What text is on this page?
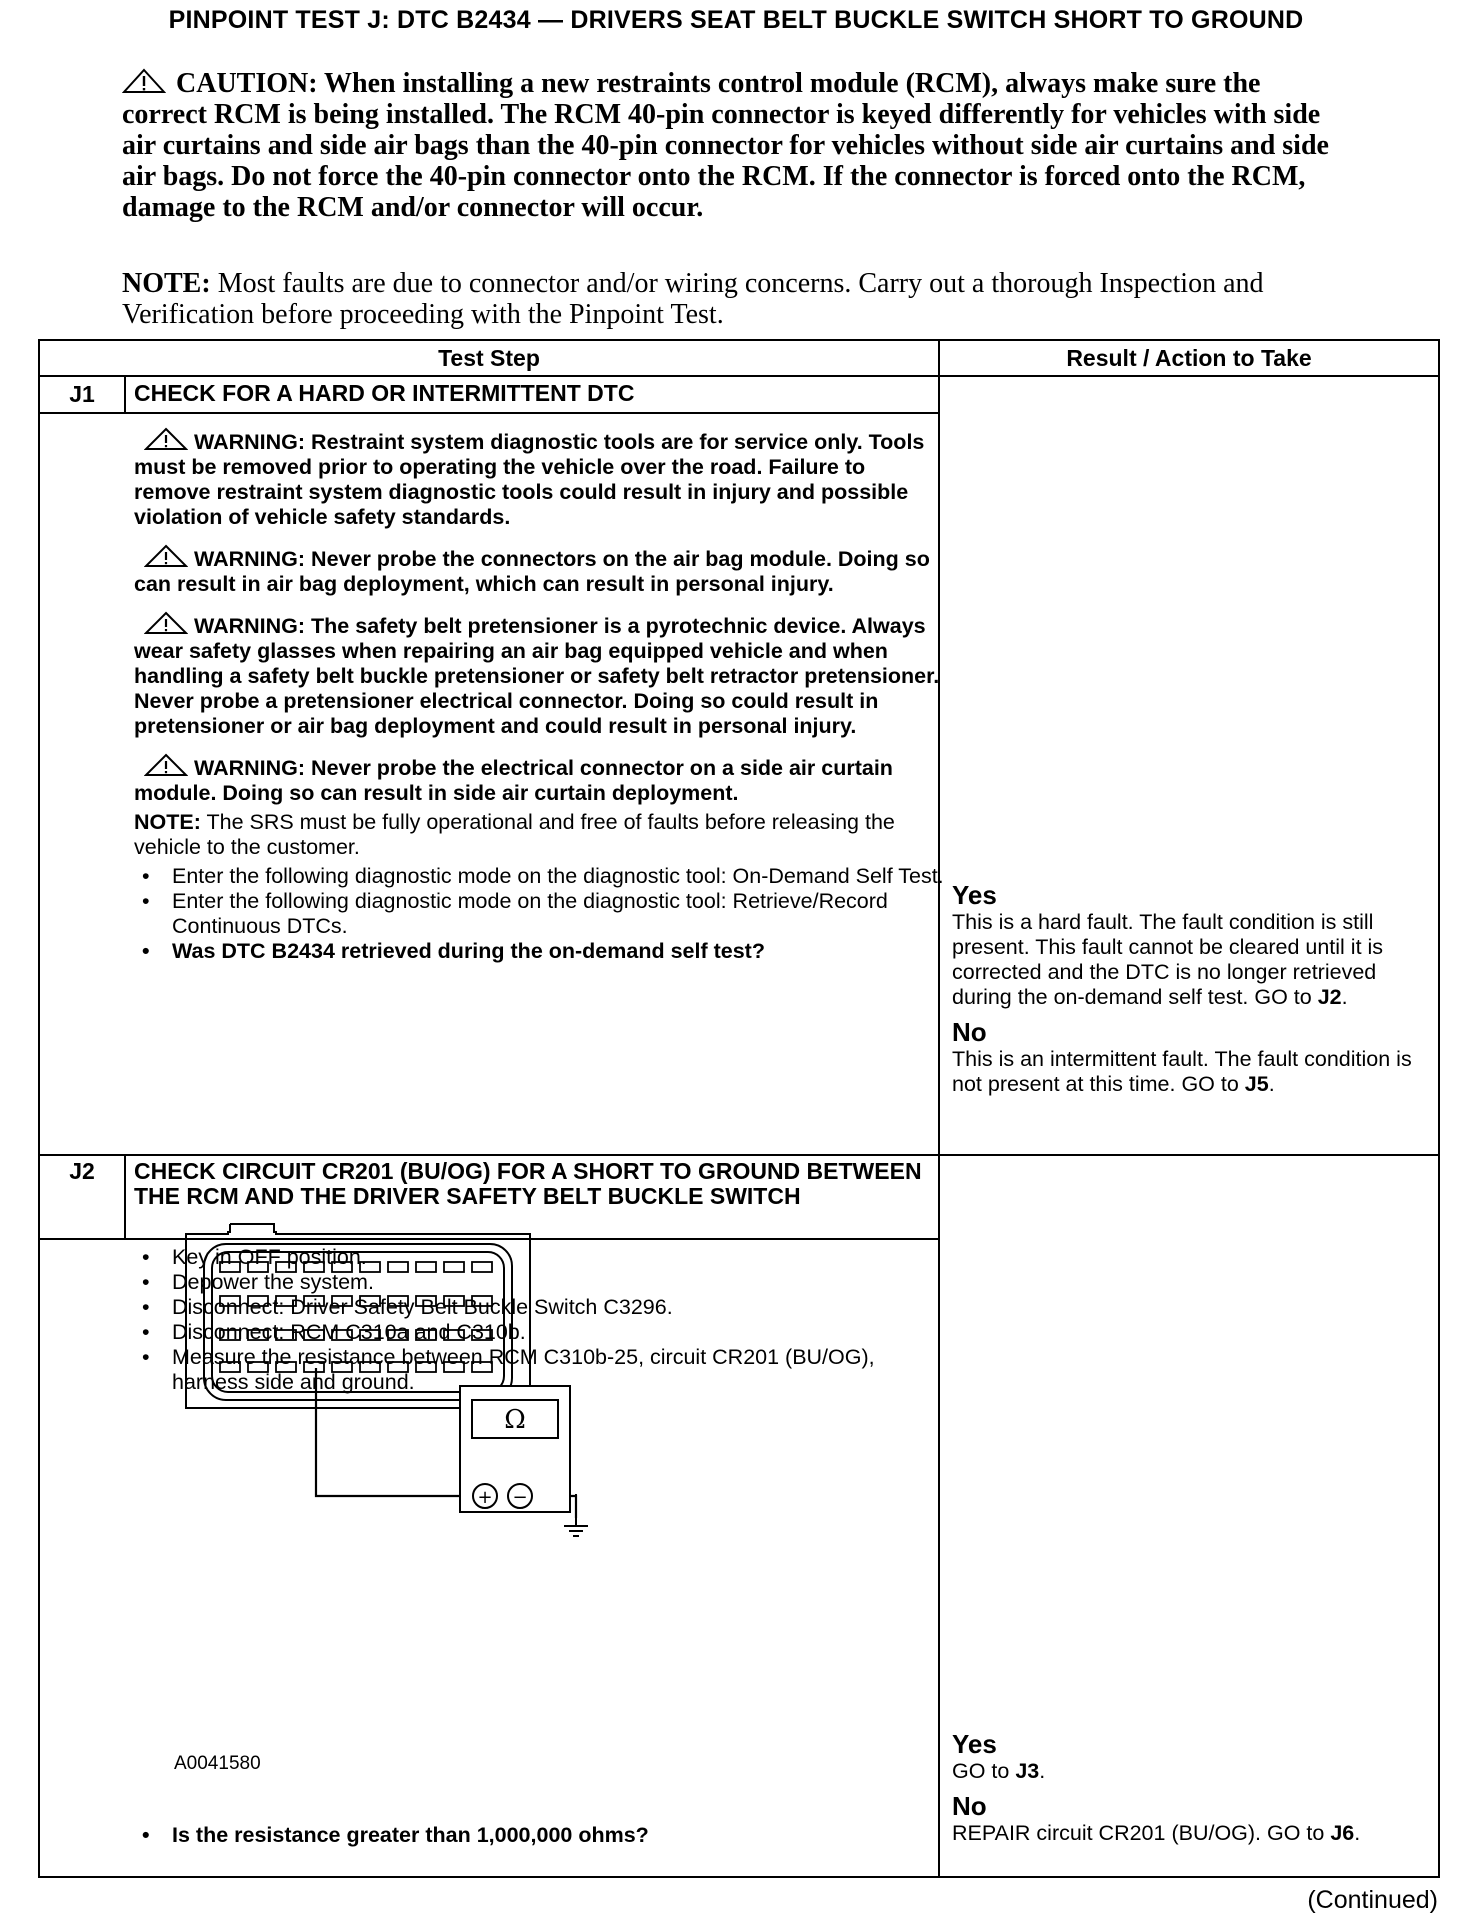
PINPOINT TEST J: DTC B2434 — DRIVERS SEAT BELT BUCKLE SWITCH SHORT TO GROUND
CAUTION: When installing a new restraints control module (RCM), always make sure the correct RCM is being installed. The RCM 40-pin connector is keyed differently for vehicles with side air curtains and side air bags than the 40-pin connector for vehicles without side air curtains and side air bags. Do not force the 40-pin connector onto the RCM. If the connector is forced onto the RCM, damage to the RCM and/or connector will occur.
NOTE: Most faults are due to connector and/or wiring concerns. Carry out a thorough Inspection and Verification before proceeding with the Pinpoint Test.
Test Step	Result / Action to Take
J1	CHECK FOR A HARD OR INTERMITTENT DTC

WARNING: Restraint system diagnostic tools are for service only. Tools must be removed prior to operating the vehicle over the road. Failure to remove restraint system diagnostic tools could result in injury and possible violation of vehicle safety standards.

WARNING: Never probe the connectors on the air bag module. Doing so can result in air bag deployment, which can result in personal injury.

WARNING: The safety belt pretensioner is a pyrotechnic device. Always wear safety glasses when repairing an air bag equipped vehicle and when handling a safety belt buckle pretensioner or safety belt retractor pretensioner. Never probe a pretensioner electrical connector. Doing so could result in pretensioner or air bag deployment and could result in personal injury.

WARNING: Never probe the electrical connector on a side air curtain module. Doing so can result in side air curtain deployment.

NOTE: The SRS must be fully operational and free of faults before releasing the vehicle to the customer.

• Enter the following diagnostic mode on the diagnostic tool: On-Demand Self Test.
• Enter the following diagnostic mode on the diagnostic tool: Retrieve/Record Continuous DTCs.
• Was DTC B2434 retrieved during the on-demand self test?
Yes
This is a hard fault. The fault condition is still present. This fault cannot be cleared until it is corrected and the DTC is no longer retrieved during the on-demand self test. GO to J2.
No
This is an intermittent fault. The fault condition is not present at this time. GO to J5.
J2	CHECK CIRCUIT CR201 (BU/OG) FOR A SHORT TO GROUND BETWEEN THE RCM AND THE DRIVER SAFETY BELT BUCKLE SWITCH
• Key in OFF position.
• Depower the system.
• Disconnect: Driver Safety Belt Buckle Switch C3296.
• Disconnect: RCM C310a and C310b.
• Measure the resistance between RCM C310b-25, circuit CR201 (BU/OG), harness side and ground.
A0041580
• Is the resistance greater than 1,000,000 ohms?
Yes
GO to J3.
No
REPAIR circuit CR201 (BU/OG). GO to J6.
Ω
+ −
(Continued)
